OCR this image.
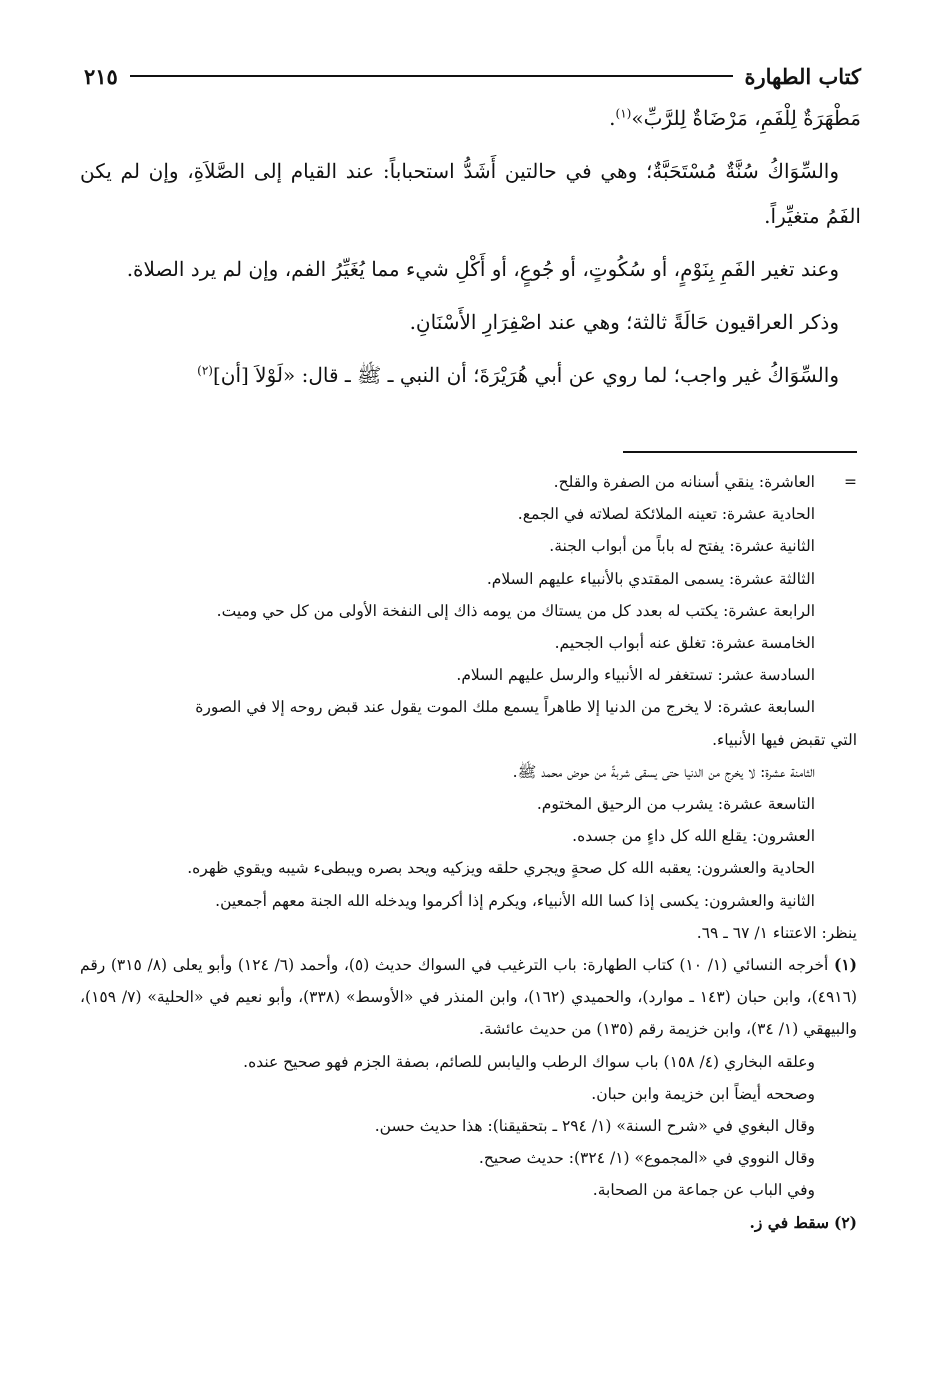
كتاب الطهارة
٢١٥

مَطْهَرَةٌ لِلْفَمِ، مَرْضَاةٌ لِلرَّبِّ»$^{(١)}$.

والسِّوَاكُ سُنَّةٌ مُسْتَحَبَّةٌ؛ وهي في حالتين أَشَدُّ استحباباً: عند القيام إلى الصَّلاَةِ، وإن لم يكن الفَمُ متغيِّراً.

وعند تغير الفَمِ بِنَوْمٍ، أو سُكُوتٍ، أو جُوعٍ، أو أَكْلِ شيء مما يُغَيِّرُ الفم، وإن لم يرد الصلاة.

وذكر العراقيون حَالَةً ثالثة؛ وهي عند اصْفِرَارِ الأَسْنَانِ.

والسِّوَاكُ غير واجب؛ لما روي عن أبي هُرَيْرَةَ؛ أن النبي ـ ﷺ ـ قال: «لَوْلاَ [أن]$^{(٢)}$

=

العاشرة: ينقي أسنانه من الصفرة والقلح.

الحادية عشرة: تعينه الملائكة لصلاته في الجمع.

الثانية عشرة: يفتح له باباً من أبواب الجنة.

الثالثة عشرة: يسمى المقتدي بالأنبياء عليهم السلام.

الرابعة عشرة: يكتب له بعدد كل من يستاك من يومه ذاك إلى النفخة الأولى من كل حي وميت.

الخامسة عشرة: تغلق عنه أبواب الجحيم.

السادسة عشر: تستغفر له الأنبياء والرسل عليهم السلام.

السابعة عشرة: لا يخرج من الدنيا إلا طاهراً يسمع ملك الموت يقول عند قبض روحه إلا في الصورة

التي تقبض فيها الأنبياء.

الثامنة عشرة: لا يخرج من الدنيا حتى يسقى شربةً من حوض محمد ﷺ.

التاسعة عشرة: يشرب من الرحيق المختوم.

العشرون: يقلع الله كل داءٍ من جسده.

الحادية والعشرون: يعقبه الله كل صحةٍ ويجري حلقه ويزكيه ويحد بصره ويبطىء شيبه ويقوي ظهره.

الثانية والعشرون: يكسى إذا كسا الله الأنبياء، ويكرم إذا أكرموا ويدخله الله الجنة معهم أجمعين.

ينظر: الاعتناء ١/ ٦٧ ـ ٦٩.

(١) أخرجه النسائي (١/ ١٠) كتاب الطهارة: باب الترغيب في السواك حديث (٥)، وأحمد (٦/ ١٢٤) وأبو يعلى (٨/ ٣١٥) رقم (٤٩١٦)، وابن حبان (١٤٣ ـ موارد)، والحميدي (١٦٢)، وابن المنذر في «الأوسط» (٣٣٨)، وأبو نعيم في «الحلية» (٧/ ١٥٩)، والبيهقي (١/ ٣٤)، وابن خزيمة رقم (١٣٥) من حديث عائشة.

وعلقه البخاري (٤/ ١٥٨) باب سواك الرطب واليابس للصائم، بصفة الجزم فهو صحيح عنده.

وصححه أيضاً ابن خزيمة وابن حبان.

وقال البغوي في «شرح السنة» (١/ ٢٩٤ ـ بتحقيقنا): هذا حديث حسن.

وقال النووي في «المجموع» (١/ ٣٢٤): حديث صحيح.

وفي الباب عن جماعة من الصحابة.

(٢) سقط في ز.
